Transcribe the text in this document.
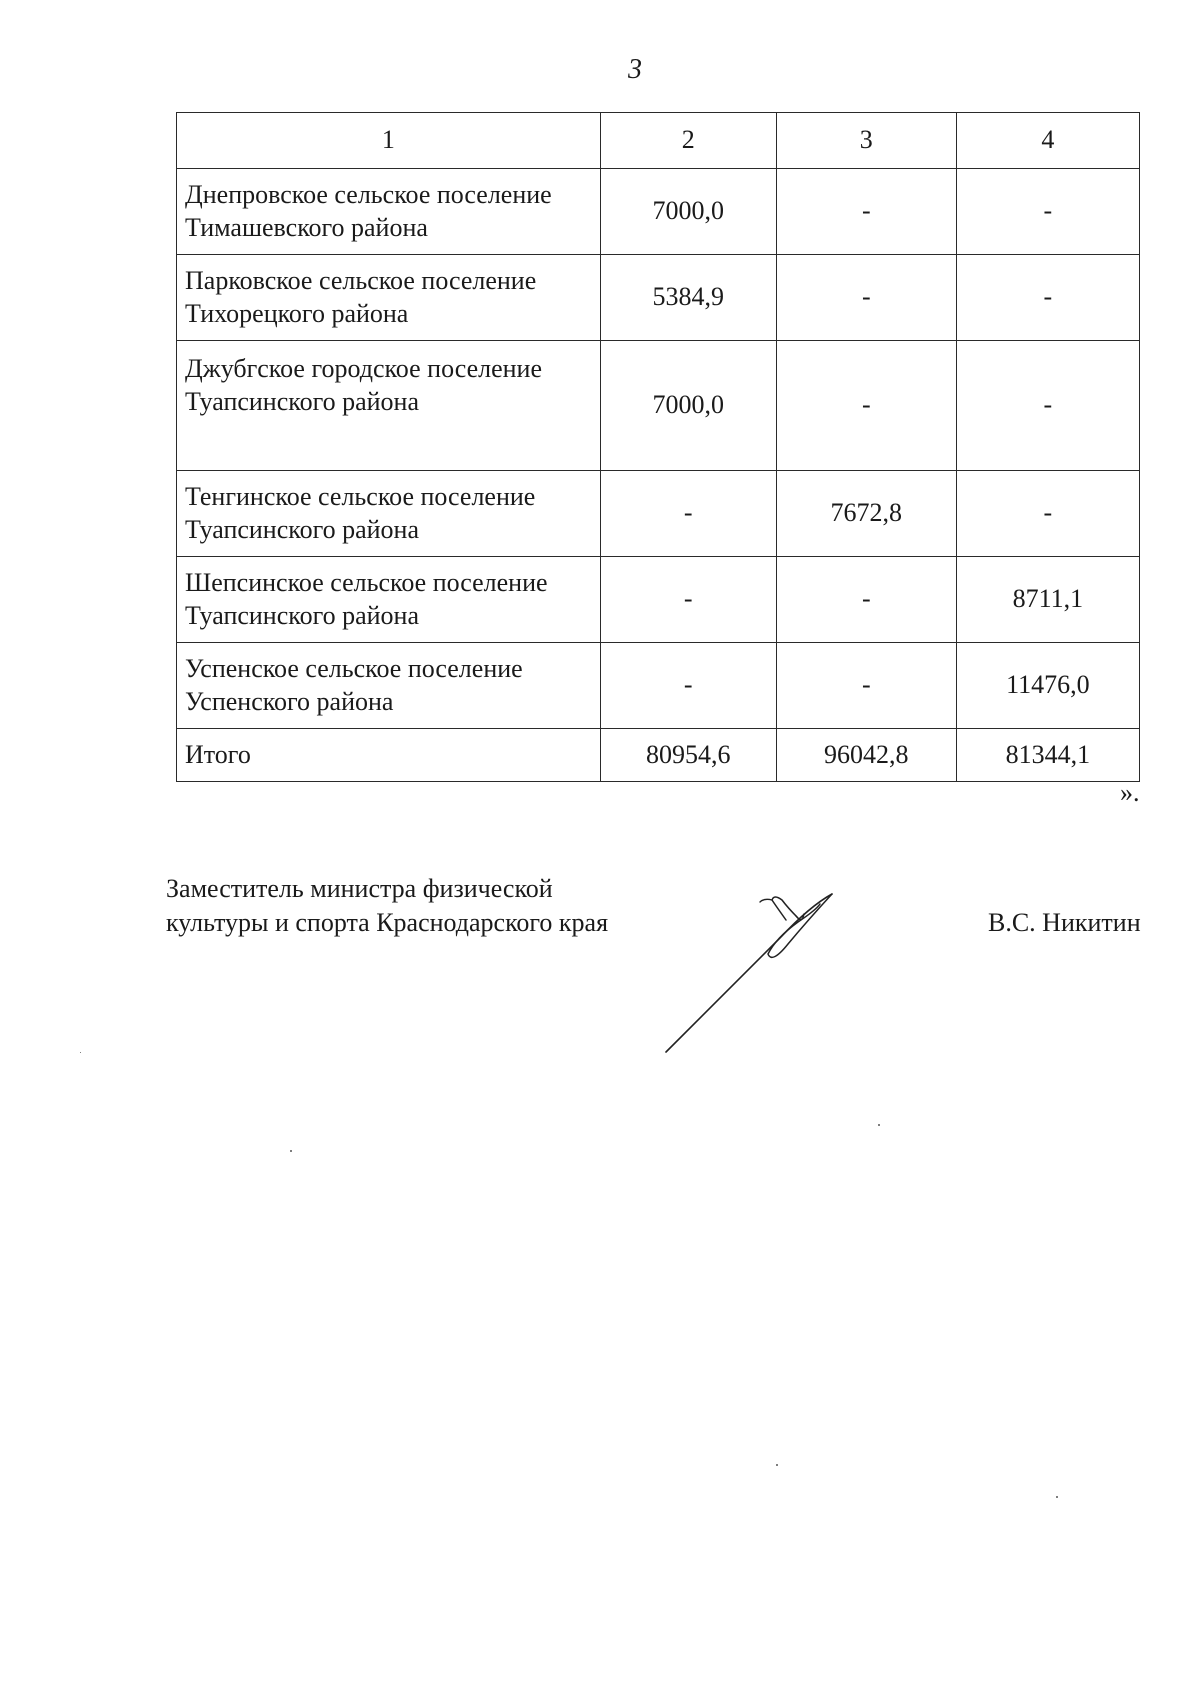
3
1	2	3	4

Днепровское сельское поселение
Тимашевского района	7000,0	-	-

Парковское сельское поселение
Тихорецкого района	5384,9	-	-

Джубгское городское поселение
Туапсинского района	7000,0	-	-

Тенгинское сельское поселение
Туапсинского района	-	7672,8	-

Шепсинское сельское поселение
Туапсинского района	-	-	8711,1

Успенское сельское поселение
Успенского района	-	-	11476,0
Итого	80954,6	96042,8	81344,1
».
Заместитель министра физической
культуры и спорта Краснодарского края	В.С. Никитин
